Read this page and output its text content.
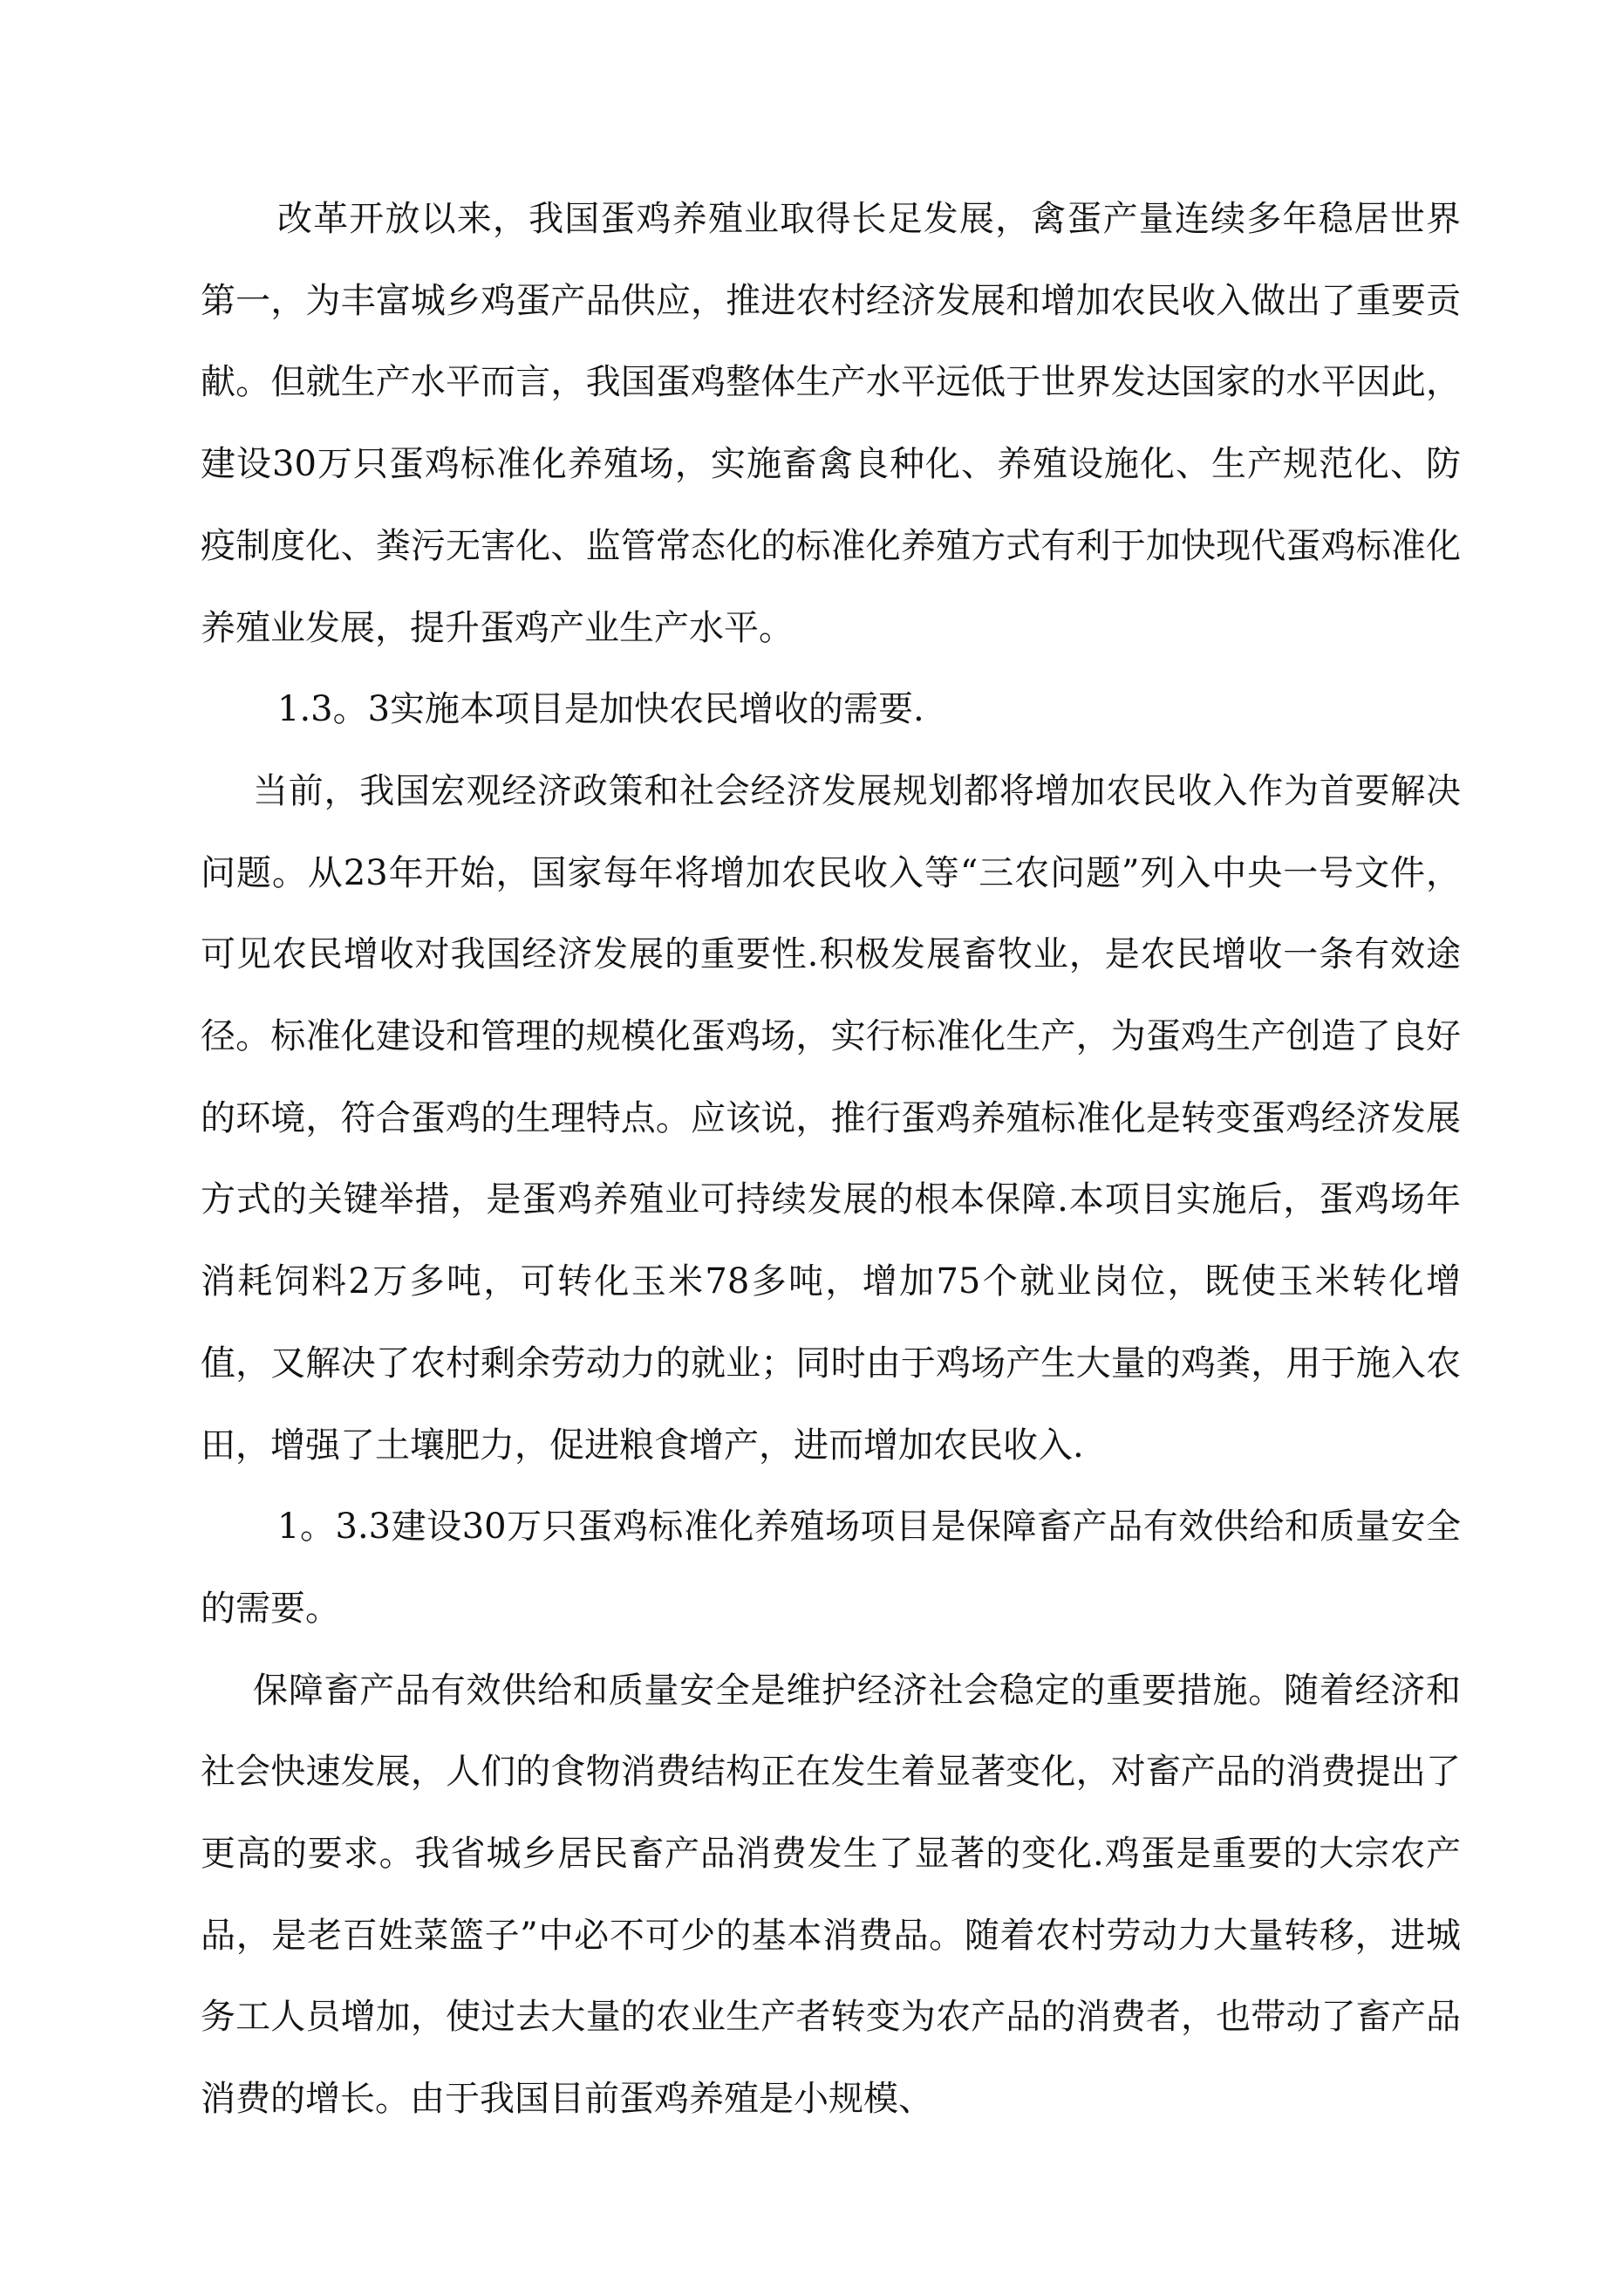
改革开放以来，我国蛋鸡养殖业取得长足发展，禽蛋产量连续多年稳居世界第一，为丰富城乡鸡蛋产品供应，推进农村经济发展和增加农民收入做出了重要贡献。但就生产水平而言，我国蛋鸡整体生产水平远低于世界发达国家的水平因此，建设30万只蛋鸡标准化养殖场，实施畜禽良种化、养殖设施化、生产规范化、防疫制度化、粪污无害化、监管常态化的标准化养殖方式有利于加快现代蛋鸡标准化养殖业发展，提升蛋鸡产业生产水平。

1.3。3实施本项目是加快农民增收的需要.

当前，我国宏观经济政策和社会经济发展规划都将增加农民收入作为首要解决问题。从23年开始，国家每年将增加农民收入等“三农问题”列入中央一号文件，可见农民增收对我国经济发展的重要性.积极发展畜牧业，是农民增收一条有效途径。标准化建设和管理的规模化蛋鸡场，实行标准化生产，为蛋鸡生产创造了良好的环境，符合蛋鸡的生理特点。应该说，推行蛋鸡养殖标准化是转变蛋鸡经济发展方式的关键举措，是蛋鸡养殖业可持续发展的根本保障.本项目实施后，蛋鸡场年消耗饲料2万多吨，可转化玉米78多吨，增加75个就业岗位，既使玉米转化增值，又解决了农村剩余劳动力的就业；同时由于鸡场产生大量的鸡粪，用于施入农田，增强了土壤肥力，促进粮食增产，进而增加农民收入.

1。3.3建设30万只蛋鸡标准化养殖场项目是保障畜产品有效供给和质量安全的需要。

保障畜产品有效供给和质量安全是维护经济社会稳定的重要措施。随着经济和社会快速发展，人们的食物消费结构正在发生着显著变化，对畜产品的消费提出了更高的要求。我省城乡居民畜产品消费发生了显著的变化.鸡蛋是重要的大宗农产品，是老百姓菜篮子”中必不可少的基本消费品。随着农村劳动力大量转移，进城务工人员增加，使过去大量的农业生产者转变为农产品的消费者，也带动了畜产品消费的增长。由于我国目前蛋鸡养殖是小规模、
